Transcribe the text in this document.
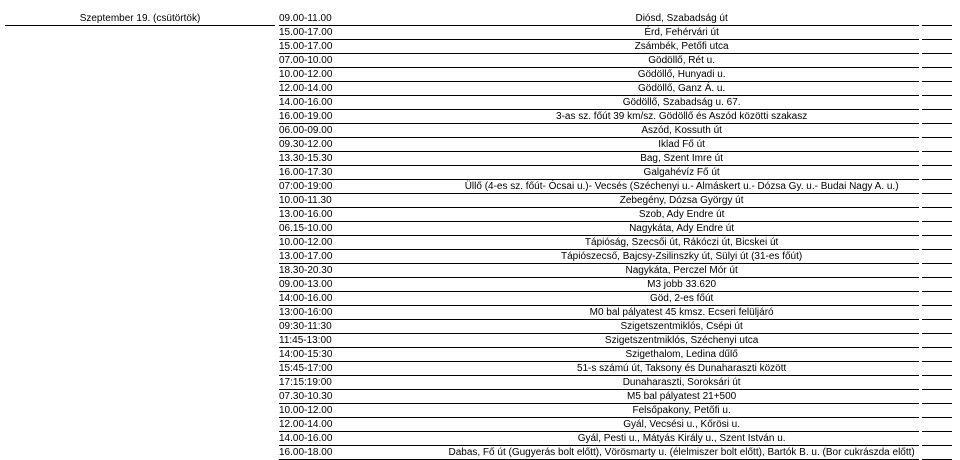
Szeptember 19. (csütörtök)	09.00-11.00	Diósd, Szabadság út
15.00-17.00	Érd, Fehérvári út
15.00-17.00	Zsámbék, Petőfi utca
07.00-10.00	Gödöllő, Rét u.
10.00-12.00	Gödöllő, Hunyadi u.
12.00-14.00	Gödöllő, Ganz Á. u.
14.00-16.00	Gödöllő, Szabadság u. 67.
16.00-19.00	3-as sz. főút 39 km/sz. Gödöllő és Aszód közötti szakasz
06.00-09.00	Aszód, Kossuth út
09.30-12.00	Iklad Fő út
13.30-15.30	Bag, Szent Imre út
16.00-17.30	Galgahévíz Fő út
07:00-19:00	Üllő (4-es sz. főút- Ócsai u.)- Vecsés (Széchenyi u.- Almáskert u.- Dózsa Gy. u.- Budai Nagy A. u.)
10.00-11.30	Zebegény, Dózsa György út
13.00-16.00	Szob, Ady Endre út
06.15-10.00	Nagykáta, Ady Endre út
10.00-12.00	Tápióság, Szecsői út, Rákóczi út, Bicskei út
13.00-17.00	Tápiószecső, Bajcsy-Zsilinszky út, Sülyi út (31-es főút)
18.30-20.30	Nagykáta, Perczel Mór út
09.00-13.00	M3 jobb 33.620
14:00-16.00	Göd, 2-es főút
13:00-16:00	M0 bal pályatest 45 kmsz. Ecseri felüljáró
09:30-11:30	Szigetszentmiklós, Csépi út
11:45-13:00	Szigetszentmiklós, Széchenyi utca
14:00-15:30	Szigethalom, Ledina dűlő
15:45-17:00	51-s számú út, Taksony és Dunaharaszti között
17:15:19:00	Dunaharaszti, Soroksári út
07.30-10.30	M5 bal pályatest 21+500
10.00-12.00	Felsőpakony, Petőfi u.
12.00-14.00	Gyál, Vecsési u., Kőrösi u.
14.00-16.00	Gyál, Pesti u., Mátyás Király u., Szent István u.
16.00-18.00	Dabas, Fő út (Gugyerás bolt előtt), Vörösmarty u. (élelmiszer bolt előtt), Bartók B. u. (Bor cukrászda előtt)
